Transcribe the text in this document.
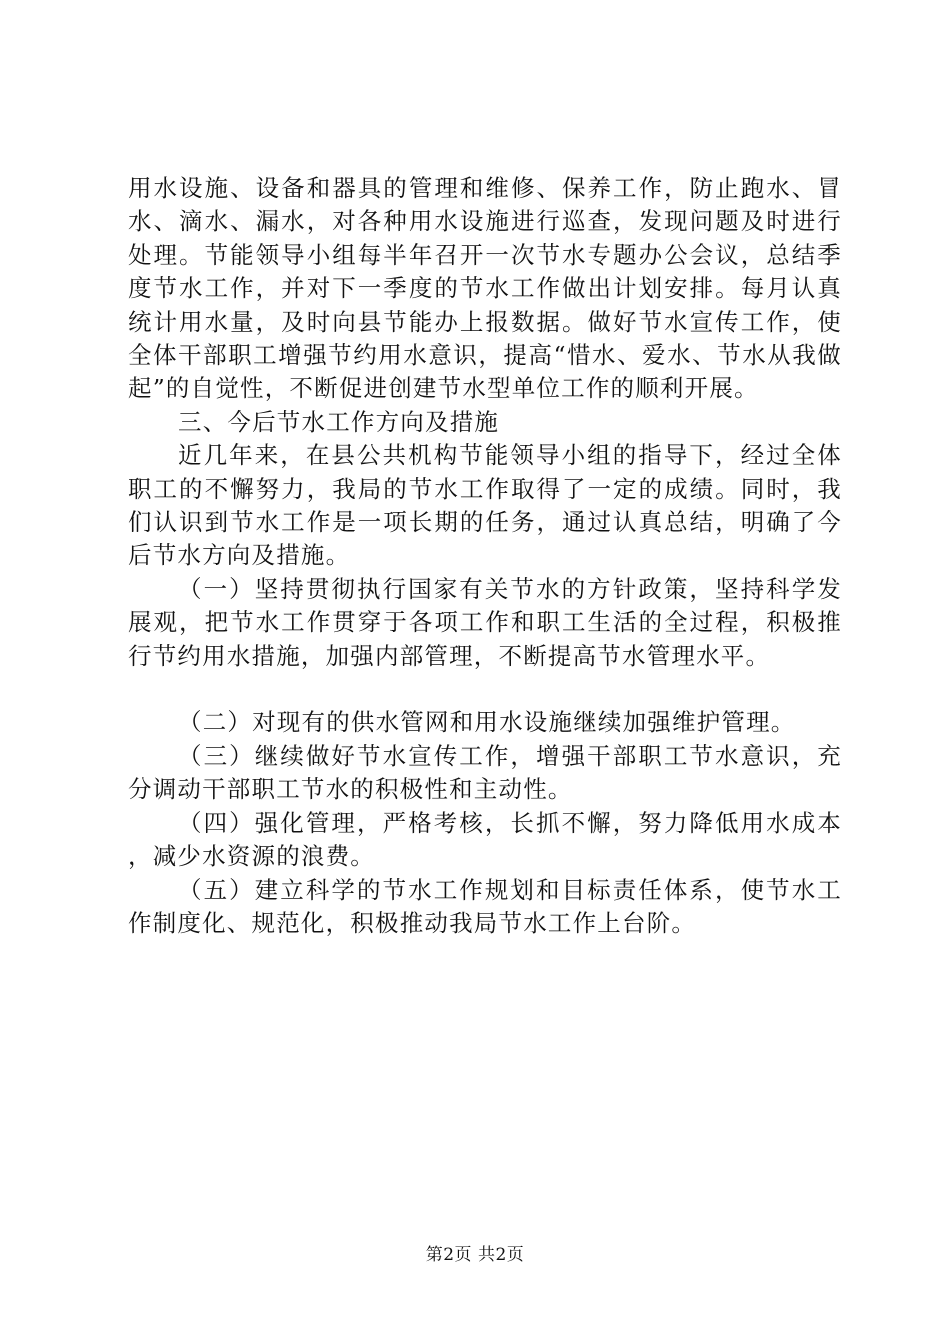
用水设施、设备和器具的管理和维修、保养工作，防止跑水、冒水、滴水、漏水，对各种用水设施进行巡查，发现问题及时进行处理。节能领导小组每半年召开一次节水专题办公会议，总结季度节水工作，并对下一季度的节水工作做出计划安排。每月认真统计用水量，及时向县节能办上报数据。做好节水宣传工作，使全体干部职工增强节约用水意识，提高“惜水、爱水、节水从我做起”的自觉性，不断促进创建节水型单位工作的顺利开展。

三、今后节水工作方向及措施

近几年来，在县公共机构节能领导小组的指导下，经过全体职工的不懈努力，我局的节水工作取得了一定的成绩。同时，我们认识到节水工作是一项长期的任务，通过认真总结，明确了今后节水方向及措施。

（一）坚持贯彻执行国家有关节水的方针政策，坚持科学发展观，把节水工作贯穿于各项工作和职工生活的全过程，积极推行节约用水措施，加强内部管理，不断提高节水管理水平。

（二）对现有的供水管网和用水设施继续加强维护管理。

（三）继续做好节水宣传工作，增强干部职工节水意识，充分调动干部职工节水的积极性和主动性。

（四）强化管理，严格考核，长抓不懈，努力降低用水成本，减少水资源的浪费。

（五）建立科学的节水工作规划和目标责任体系，使节水工作制度化、规范化，积极推动我局节水工作上台阶。

第2页 共2页
